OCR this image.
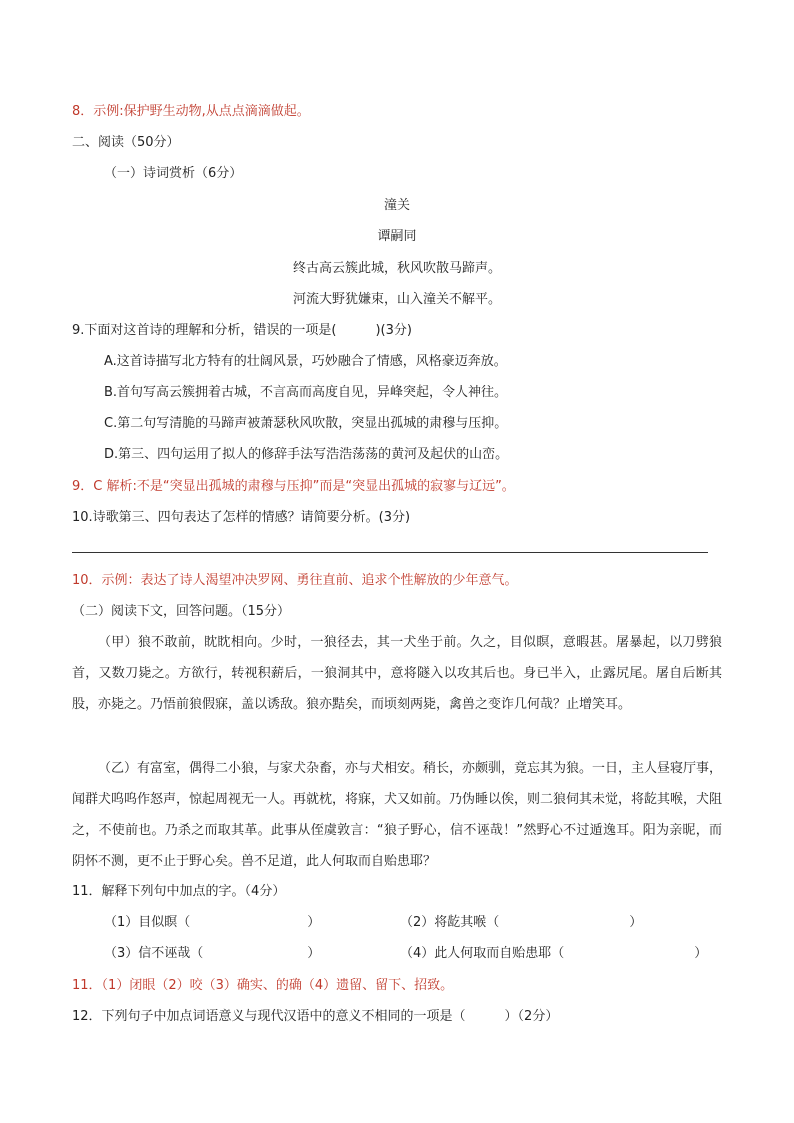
8．示例:保护野生动物,从点点滴滴做起。
二、阅读（50分）
（一）诗词赏析（6分）
潼关
谭嗣同
终古高云簇此城，秋风吹散马蹄声。
河流大野犹嫌束，山入潼关不解平。
9.下面对这首诗的理解和分析，错误的一项是(　　　)(3分)
A.这首诗描写北方特有的壮阔风景，巧妙融合了情感，风格豪迈奔放。
B.首句写高云簇拥着古城，不言高而高度自见，异峰突起，令人神往。
C.第二句写清脆的马蹄声被萧瑟秋风吹散，突显出孤城的肃穆与压抑。
D.第三、四句运用了拟人的修辞手法写浩浩荡荡的黄河及起伏的山峦。
9．C 解析:不是“突显出孤城的肃穆与压抑”而是“突显出孤城的寂寥与辽远”。
10.诗歌第三、四句表达了怎样的情感？请简要分析。(3分)
10．示例：表达了诗人渴望冲决罗网、勇往直前、追求个性解放的少年意气。
（二）阅读下文，回答问题。（15分）
（甲）狼不敢前，眈眈相向。少时，一狼径去，其一犬坐于前。久之，目似瞑，意暇甚。屠暴起，以刀劈狼首，又数刀毙之。方欲行，转视积薪后，一狼洞其中，意将隧入以攻其后也。身已半入，止露尻尾。屠自后断其股，亦毙之。乃悟前狼假寐，盖以诱敌。狼亦黠矣，而顷刻两毙，禽兽之变诈几何哉？止增笑耳。
（乙）有富室，偶得二小狼，与家犬杂畜，亦与犬相安。稍长，亦颇驯，竟忘其为狼。一日，主人昼寝厅事，闻群犬呜呜作怒声，惊起周视无一人。再就枕，将寐，犬又如前。乃伪睡以俟，则二狼伺其未觉，将龁其喉，犬阻之，不使前也。乃杀之而取其革。此事从侄虞敦言：“狼子野心，信不诬哉！”然野心不过遁逸耳。阳为亲昵，而阴怀不测，更不止于野心矣。兽不足道，此人何取而自贻患耶？
11．解释下列句中加点的字。（4分）
（1）目似瞑（　　　　　　　　　）	（2）将龁其喉（　　　　　　　　　　）
（3）信不诬哉（　　　　　　　　）	（4）此人何取而自贻患耶（　　　　　　　　　　）
11．（1）闭眼（2）咬（3）确实、的确（4）遗留、留下、招致。
12．下列句子中加点词语意义与现代汉语中的意义不相同的一项是（　　　）（2分）
